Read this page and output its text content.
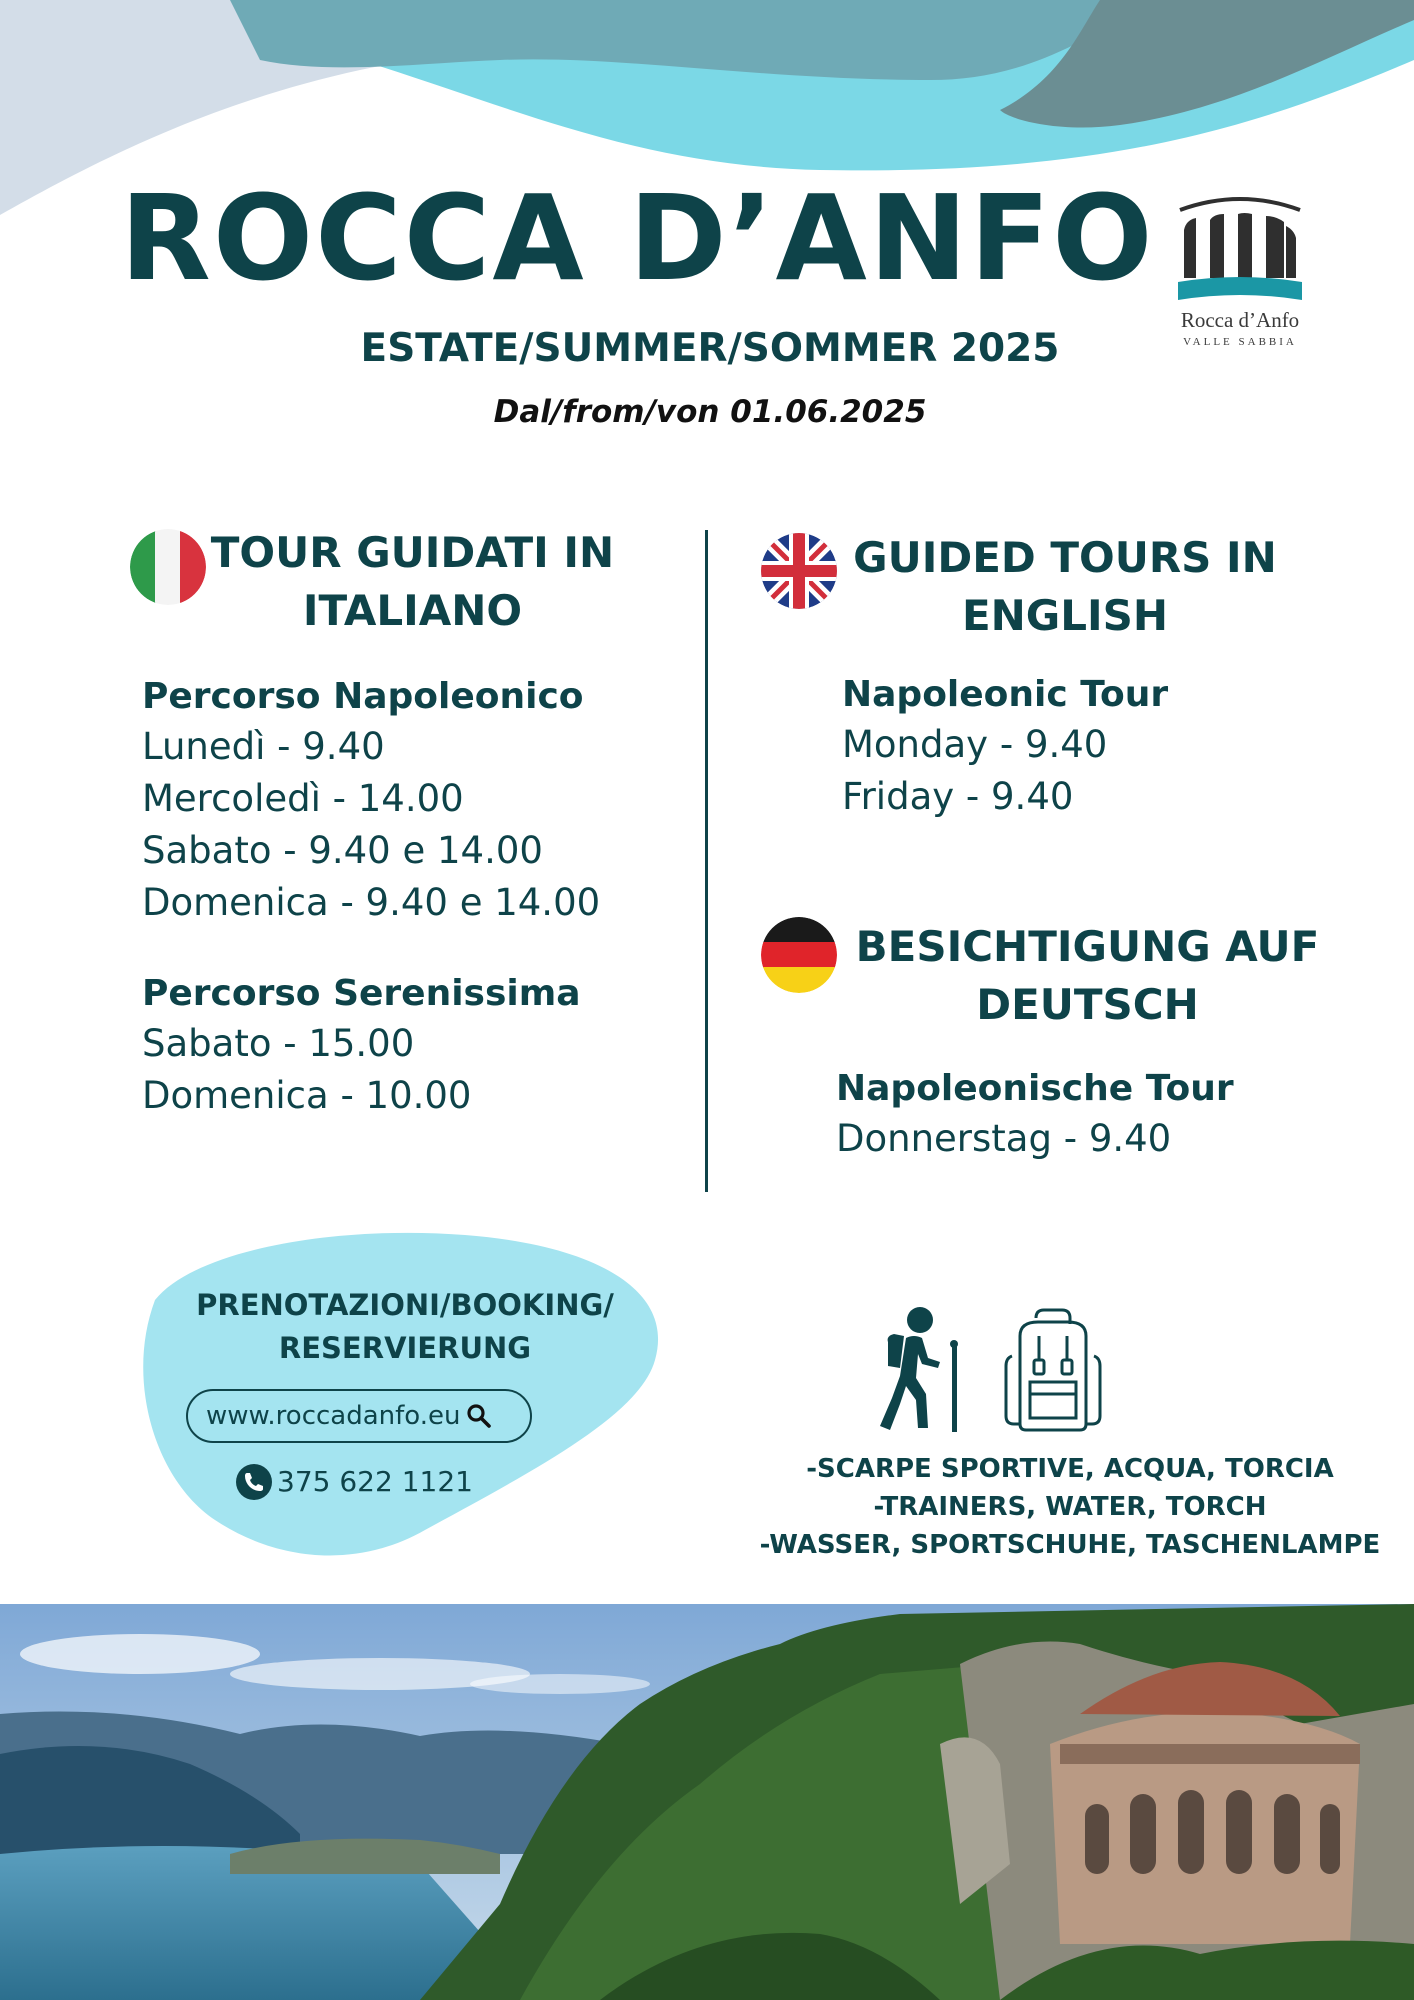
ROCCA D’ANFO
Rocca d’Anfo
VALLE SABBIA
ESTATE/SUMMER/SOMMER 2025
Dal/from/von 01.06.2025
TOUR GUIDATI IN
ITALIANO
Percorso Napoleonico
Lunedì - 9.40
Mercoledì - 14.00
Sabato - 9.40 e 14.00
Domenica - 9.40 e 14.00
Percorso Serenissima
Sabato - 15.00
Domenica - 10.00
GUIDED TOURS IN
ENGLISH
Napoleonic Tour
Monday - 9.40
Friday - 9.40
BESICHTIGUNG AUF
DEUTSCH
Napoleonische Tour
Donnerstag - 9.40
PRENOTAZIONI/BOOKING/
RESERVIERUNG
www.roccadanfo.eu
375 622 1121	-SCARPE SPORTIVE, ACQUA, TORCIA
-TRAINERS, WATER, TORCH
-WASSER, SPORTSCHUHE, TASCHENLAMPE
